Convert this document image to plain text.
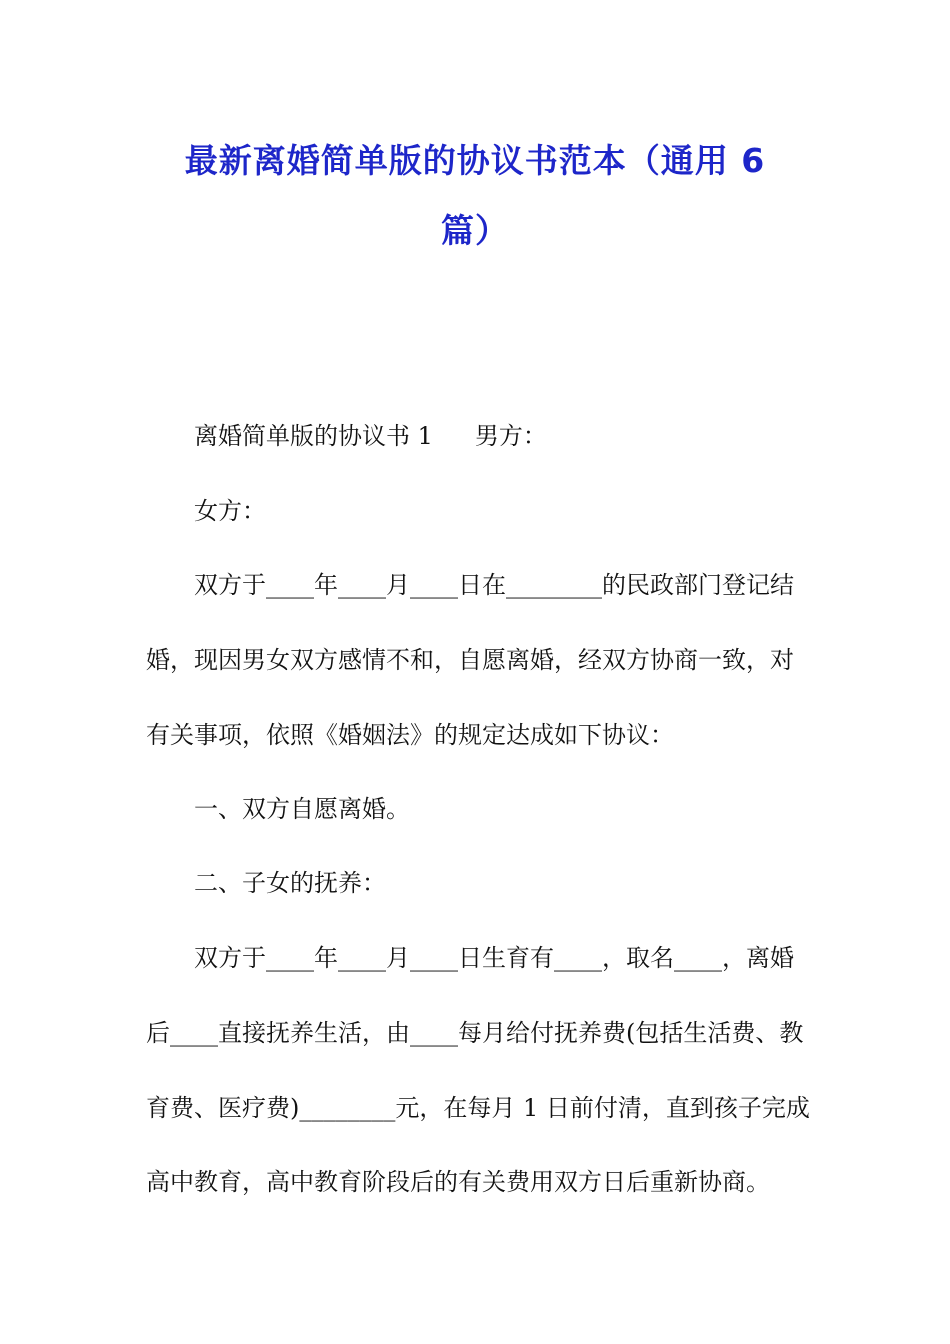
最新离婚简单版的协议书范本（通用 6
篇）
离婚简单版的协议书 1 男方：
女方：
双方于____年____月____日在________的民政部门登记结
婚，现因男女双方感情不和，自愿离婚，经双方协商一致，对
有关事项，依照《婚姻法》的规定达成如下协议：
一、双方自愿离婚。
二、子女的抚养：
双方于____年____月____日生育有____，取名____，离婚
后____直接抚养生活，由____每月给付抚养费(包括生活费、教
育费、医疗费)________元，在每月 1 日前付清，直到孩子完成
高中教育，高中教育阶段后的有关费用双方日后重新协商。
